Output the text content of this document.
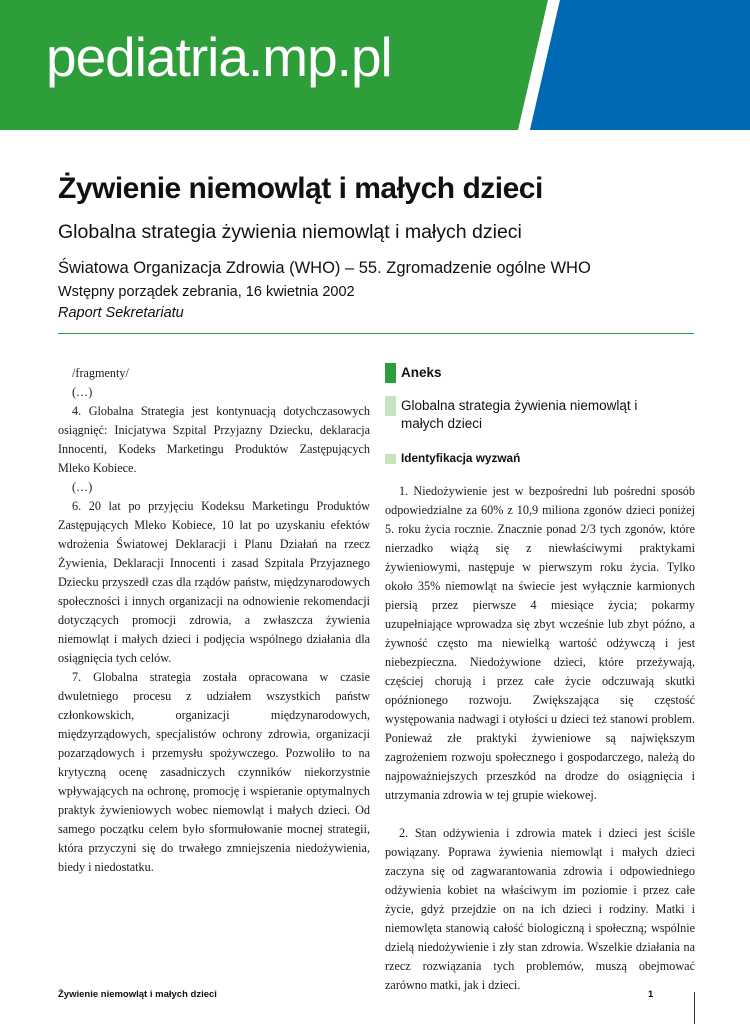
pediatria.mp.pl
Żywienie niemowląt i małych dzieci
Globalna strategia żywienia niemowląt i małych dzieci
Światowa Organizacja Zdrowia (WHO) – 55. Zgromadzenie ogólne WHO
Wstępny porządek zebrania, 16 kwietnia 2002
Raport Sekretariatu

/fragmenty/

(…)

4. Globalna Strategia jest kontynuacją dotychczasowych osiągnięć: Inicjatywa Szpital Przyjazny Dziecku, deklaracja Innocenti, Kodeks Marketingu Produktów Zastępujących Mleko Kobiece.

(…)

6. 20 lat po przyjęciu Kodeksu Marketingu Produktów Zastępujących Mleko Kobiece, 10 lat po uzyskaniu efektów wdrożenia Światowej Deklaracji i Planu Działań na rzecz Żywienia, Deklaracji Innocenti i zasad Szpitala Przyjaznego Dziecku przyszedł czas dla rządów państw, międzynarodowych społeczności i innych organizacji na odnowienie rekomendacji dotyczących promocji zdrowia, a zwłaszcza żywienia niemowląt i małych dzieci i podjęcia wspólnego działania dla osiągnięcia tych celów.

7. Globalna strategia została opracowana w czasie dwuletniego procesu z udziałem wszystkich państw członkowskich, organizacji międzynarodowych, międzyrządowych, specjalistów ochrony zdrowia, organizacji pozarządowych i przemysłu spożywczego. Pozwoliło to na krytyczną ocenę zasadniczych czynników niekorzystnie wpływających na ochronę, promocję i wspieranie optymalnych praktyk żywieniowych wobec niemowląt i małych dzieci. Od samego początku celem było sformułowanie mocnej strategii, która przyczyni się do trwałego zmniejszenia niedożywienia, biedy i niedostatku.

Aneks
Globalna strategia żywienia niemowląt i małych dzieci
Identyfikacja wyzwań

1. Niedożywienie jest w bezpośredni lub pośredni sposób odpowiedzialne za 60% z 10,9 miliona zgonów dzieci poniżej 5. roku życia rocznie. Znacznie ponad 2/3 tych zgonów, które nierzadko wiążą się z niewłaściwymi praktykami żywieniowymi, następuje w pierwszym roku życia. Tylko około 35% niemowląt na świecie jest wyłącznie karmionych piersią przez pierwsze 4 miesiące życia; pokarmy uzupełniające wprowadza się zbyt wcześnie lub zbyt późno, a żywność często ma niewielką wartość odżywczą i jest niebezpieczna. Niedożywione dzieci, które przeżywają, częściej chorują i przez całe życie odczuwają skutki opóźnionego rozwoju. Zwiększająca się częstość występowania nadwagi i otyłości u dzieci też stanowi problem. Ponieważ złe praktyki żywieniowe są największym zagrożeniem rozwoju społecznego i gospodarczego, należą do najpoważniejszych przeszkód na drodze do osiągnięcia i utrzymania zdrowia w tej grupie wiekowej.

2. Stan odżywienia i zdrowia matek i dzieci jest ściśle powiązany. Poprawa żywienia niemowląt i małych dzieci zaczyna się od zagwarantowania zdrowia i odpowiedniego odżywienia kobiet na właściwym im poziomie i przez całe życie, gdyż przejdzie on na ich dzieci i rodziny. Matki i niemowlęta stanowią całość biologiczną i społeczną; wspólnie dzielą niedożywienie i zły stan zdrowia. Wszelkie działania na rzecz rozwiązania tych problemów, muszą obejmować zarówno matki, jak i dzieci.

Żywienie niemowląt i małych dzieci	1
